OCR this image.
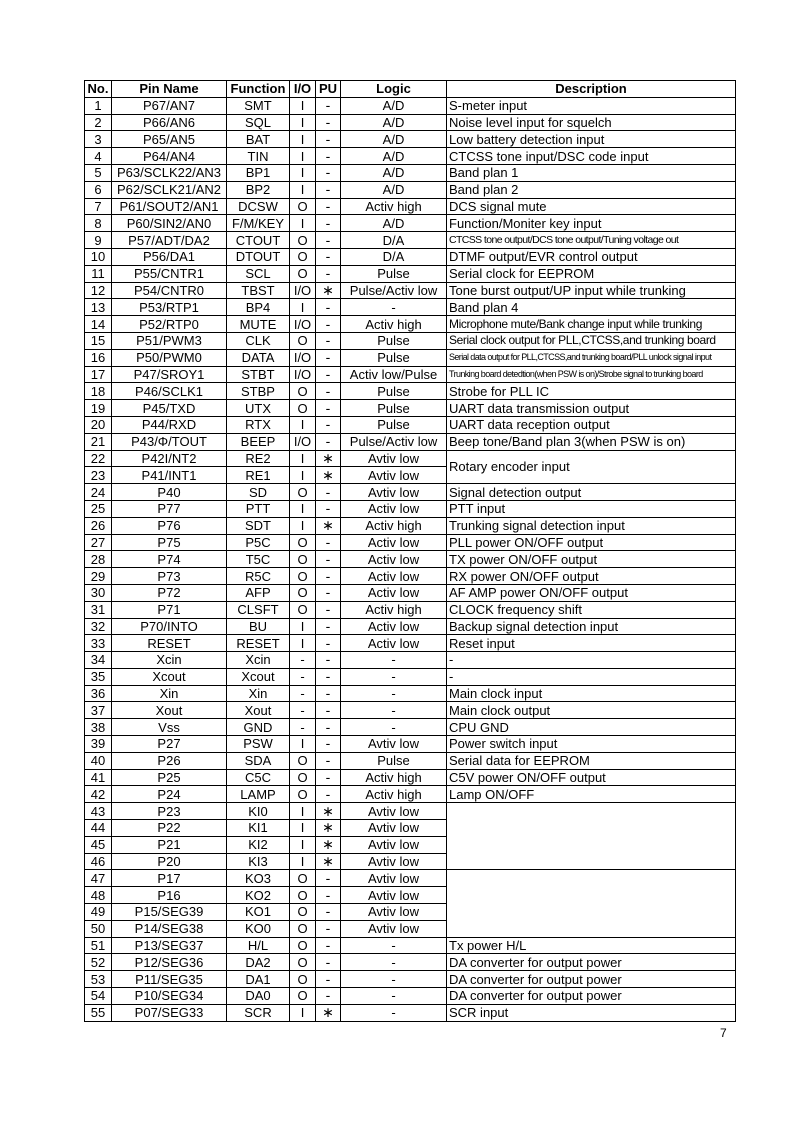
No.	Pin Name	Function	I/O	PU	Logic	Description
1	P67/AN7	SMT	I	-	A/D	S-meter input
2	P66/AN6	SQL	I	-	A/D	Noise level input for squelch
3	P65/AN5	BAT	I	-	A/D	Low battery detection input
4	P64/AN4	TIN	I	-	A/D	CTCSS tone input/DSC code input
5	P63/SCLK22/AN3	BP1	I	-	A/D	Band plan 1
6	P62/SCLK21/AN2	BP2	I	-	A/D	Band plan 2
7	P61/SOUT2/AN1	DCSW	O	-	Activ high	DCS signal mute
8	P60/SIN2/AN0	F/M/KEY	I	-	A/D	Function/Moniter key input
9	P57/ADT/DA2	CTOUT	O	-	D/A	CTCSS tone output/DCS tone output/Tuning voltage out
10	P56/DA1	DTOUT	O	-	D/A	DTMF output/EVR control output
11	P55/CNTR1	SCL	O	-	Pulse	Serial clock for EEPROM
12	P54/CNTR0	TBST	I/O	∗	Pulse/Activ low	Tone burst output/UP input while trunking
13	P53/RTP1	BP4	I	-	-	Band plan 4
14	P52/RTP0	MUTE	I/O	-	Activ high	Microphone mute/Bank change input while trunking
15	P51/PWM3	CLK	O	-	Pulse	Serial clock output for PLL,CTCSS,and trunking board
16	P50/PWM0	DATA	I/O	-	Pulse	Serial data output for PLL,CTCSS,and trunking board/PLL unlock signal input
17	P47/SROY1	STBT	I/O	-	Activ low/Pulse	Trunking board detedtion(when PSW is on)/Strobe signal to trunking board
18	P46/SCLK1	STBP	O	-	Pulse	Strobe for PLL IC
19	P45/TXD	UTX	O	-	Pulse	UART data transmission output
20	P44/RXD	RTX	I	-	Pulse	UART data reception output
21	P43/Φ/TOUT	BEEP	I/O	-	Pulse/Activ low	Beep tone/Band plan 3(when PSW is on)
22	P42I/NT2	RE2	I	∗	Avtiv low	Rotary encoder input
23	P41/INT1	RE1	I	∗	Avtiv low	
24	P40	SD	O	-	Avtiv low	Signal detection output
25	P77	PTT	I	-	Activ low	PTT input
26	P76	SDT	I	∗	Activ high	Trunking signal detection input
27	P75	P5C	O	-	Activ low	PLL power ON/OFF output
28	P74	T5C	O	-	Activ low	TX power ON/OFF output
29	P73	R5C	O	-	Activ low	RX power ON/OFF output
30	P72	AFP	O	-	Activ low	AF AMP power ON/OFF output
31	P71	CLSFT	O	-	Activ high	CLOCK frequency shift
32	P70/INTO	BU	I	-	Activ low	Backup signal detection input
33	RESET	RESET	I	-	Activ low	Reset input
34	Xcin	Xcin	-	-	-	-
35	Xcout	Xcout	-	-	-	-
36	Xin	Xin	-	-	-	Main clock input
37	Xout	Xout	-	-	-	Main clock output
38	Vss	GND	-	-	-	CPU GND
39	P27	PSW	I	-	Avtiv low	Power switch input
40	P26	SDA	O	-	Pulse	Serial data for EEPROM
41	P25	C5C	O	-	Activ high	C5V power ON/OFF output
42	P24	LAMP	O	-	Activ high	Lamp ON/OFF
43	P23	KI0	I	∗	Avtiv low	
44	P22	KI1	I	∗	Avtiv low	
45	P21	KI2	I	∗	Avtiv low	
46	P20	KI3	I	∗	Avtiv low	
47	P17	KO3	O	-	Avtiv low	
48	P16	KO2	O	-	Avtiv low	
49	P15/SEG39	KO1	O	-	Avtiv low	
50	P14/SEG38	KO0	O	-	Avtiv low	
51	P13/SEG37	H/L	O	-	-	Tx power H/L
52	P12/SEG36	DA2	O	-	-	DA converter for output power
53	P11/SEG35	DA1	O	-	-	DA converter for output power
54	P10/SEG34	DA0	O	-	-	DA converter for output power
55	P07/SEG33	SCR	I	∗	-	SCR input
7
